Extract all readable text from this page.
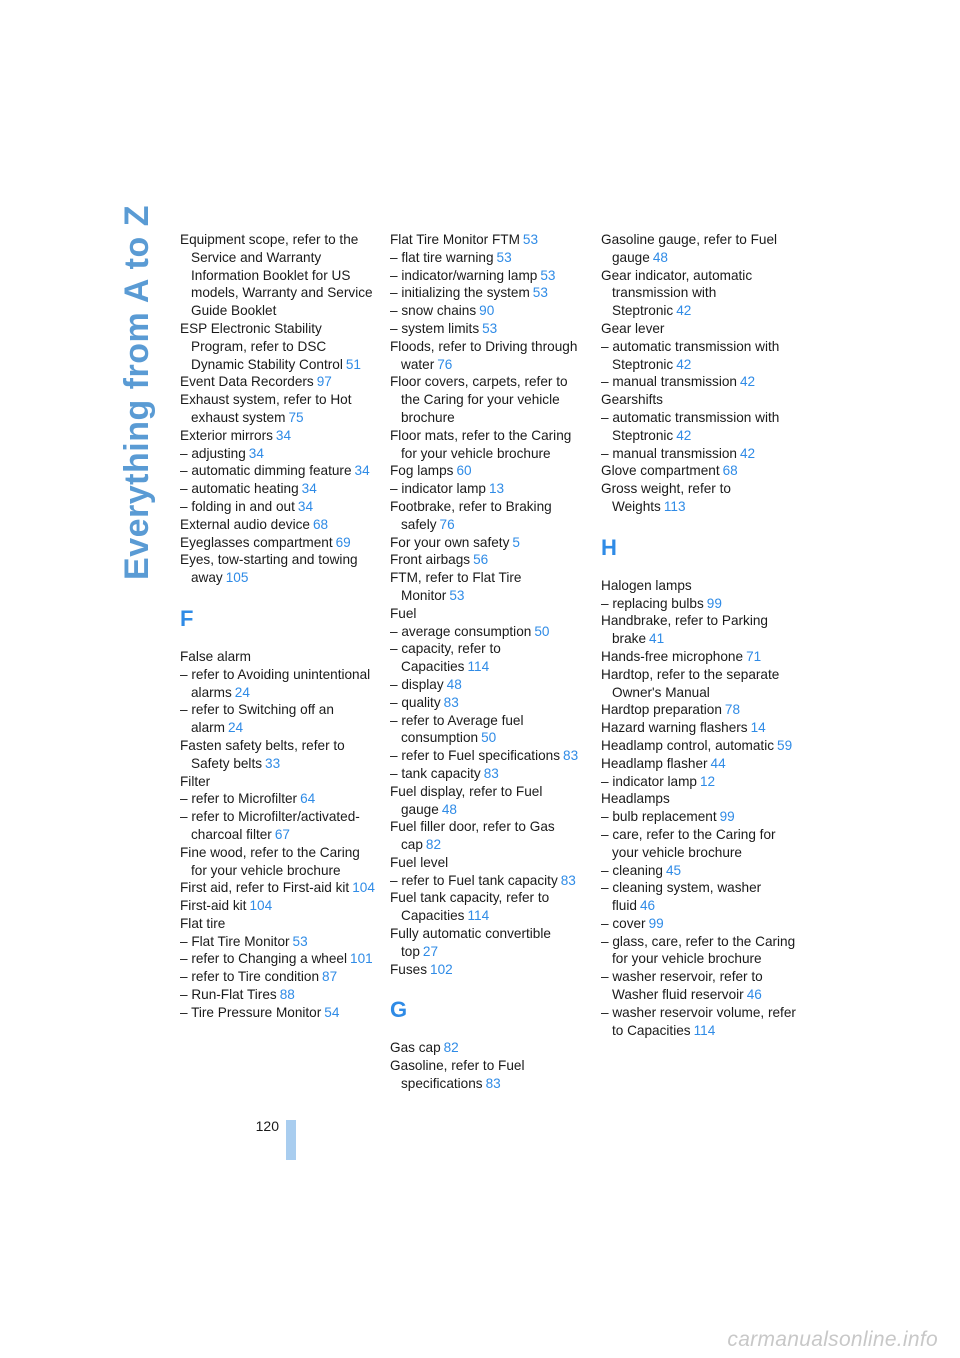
Everything from A to Z Equipment scope, refer to the Service and Warranty Information Booklet for US models, Warranty and Service Guide Booklet
ESP Electronic Stability Program, refer to DSC Dynamic Stability Control 51
Event Data Recorders 97
Exhaust system, refer to Hot exhaust system 75
Exterior mirrors 34
– adjusting 34
– automatic dimming feature 34
– automatic heating 34
– folding in and out 34
External audio device 68
Eyeglasses compartment 69
Eyes, tow-starting and towing away 105
F
False alarm
– refer to Avoiding unintentional alarms 24
– refer to Switching off an alarm 24
Fasten safety belts, refer to Safety belts 33
Filter
– refer to Microfilter 64
– refer to Microfilter/activated-charcoal filter 67
Fine wood, refer to the Caring for your vehicle brochure
First aid, refer to First-aid kit 104
First-aid kit 104
Flat tire
– Flat Tire Monitor 53
– refer to Changing a wheel 101
– refer to Tire condition 87
– Run-Flat Tires 88
– Tire Pressure Monitor 54
Flat Tire Monitor FTM 53
– flat tire warning 53
– indicator/warning lamp 53
– initializing the system 53
– snow chains 90
– system limits 53
Floods, refer to Driving through water 76
Floor covers, carpets, refer to the Caring for your vehicle brochure
Floor mats, refer to the Caring for your vehicle brochure
Fog lamps 60
– indicator lamp 13
Footbrake, refer to Braking safely 76
For your own safety 5
Front airbags 56
FTM, refer to Flat Tire Monitor 53
Fuel
– average consumption 50
– capacity, refer to Capacities 114
– display 48
– quality 83
– refer to Average fuel consumption 50
– refer to Fuel specifications 83
– tank capacity 83
Fuel display, refer to Fuel gauge 48
Fuel filler door, refer to Gas cap 82
Fuel level
– refer to Fuel tank capacity 83
Fuel tank capacity, refer to Capacities 114
Fully automatic convertible top 27
Fuses 102
G
Gas cap 82
Gasoline, refer to Fuel specifications 83
Gasoline gauge, refer to Fuel gauge 48
Gear indicator, automatic transmission with Steptronic 42
Gear lever
– automatic transmission with Steptronic 42
– manual transmission 42
Gearshifts
– automatic transmission with Steptronic 42
– manual transmission 42
Glove compartment 68
Gross weight, refer to Weights 113
H
Halogen lamps
– replacing bulbs 99
Handbrake, refer to Parking brake 41
Hands-free microphone 71
Hardtop, refer to the separate Owner's Manual
Hardtop preparation 78
Hazard warning flashers 14
Headlamp control, automatic 59
Headlamp flasher 44
– indicator lamp 12
Headlamps
– bulb replacement 99
– care, refer to the Caring for your vehicle brochure
– cleaning 45
– cleaning system, washer fluid 46
– cover 99
– glass, care, refer to the Caring for your vehicle brochure
– washer reservoir, refer to Washer fluid reservoir 46
– washer reservoir volume, refer to Capacities 114
120
carmanualsonline.info
